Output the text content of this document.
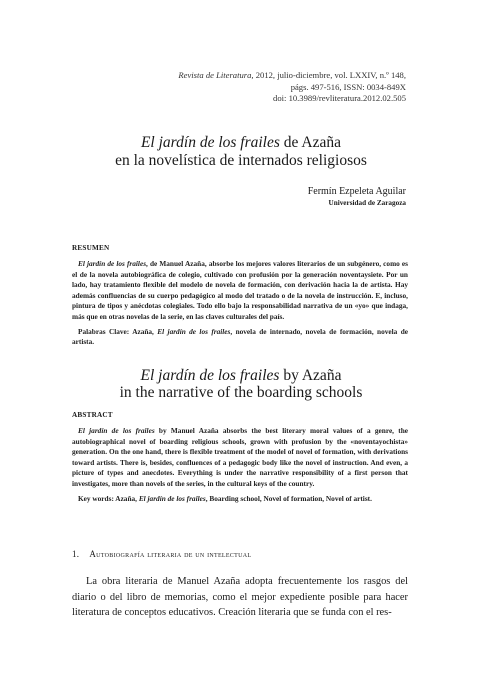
Revista de Literatura, 2012, julio-diciembre, vol. LXXIV, n.º 148,
págs. 497-516, ISSN: 0034-849X
doi: 10.3989/revliteratura.2012.02.505
El jardín de los frailes de Azaña
en la novelística de internados religiosos
Fermín Ezpeleta Aguilar
Universidad de Zaragoza
RESUMEN
El jardín de los frailes, de Manuel Azaña, absorbe los mejores valores literarios de un subgénero, como es el de la novela autobiográfica de colegio, cultivado con profusión por la generación noventaysiete. Por un lado, hay tratamiento flexible del modelo de novela de formación, con derivación hacia la de artista. Hay además confluencias de su cuerpo pedagógico al modo del tratado o de la novela de instrucción. E, incluso, pintura de tipos y anécdotas colegiales. Todo ello bajo la responsabilidad narrativa de un «yo» que indaga, más que en otras novelas de la serie, en las claves culturales del país.
Palabras Clave: Azaña, El jardín de los frailes, novela de internado, novela de formación, novela de artista.
El jardín de los frailes by Azaña
in the narrative of the boarding schools
ABSTRACT
El jardín de los frailes by Manuel Azaña absorbs the best literary moral values of a genre, the autobiographical novel of boarding religious schools, grown with profusion by the «noventayochista» generation. On the one hand, there is flexible treatment of the model of novel of formation, with derivations toward artists. There is, besides, confluences of a pedagogic body like the novel of instruction. And even, a picture of types and anecdotes. Everything is under the narrative responsibility of a first person that investigates, more than novels of the series, in the cultural keys of the country.
Key words: Azaña, El jardín de los frailes, Boarding school, Novel of formation, Novel of artist.
1. Autobiografía literaria de un intelectual

La obra literaria de Manuel Azaña adopta frecuentemente los rasgos del diario o del libro de memorias, como el mejor expediente posible para hacer literatura de conceptos educativos. Creación literaria que se funda con el res-
